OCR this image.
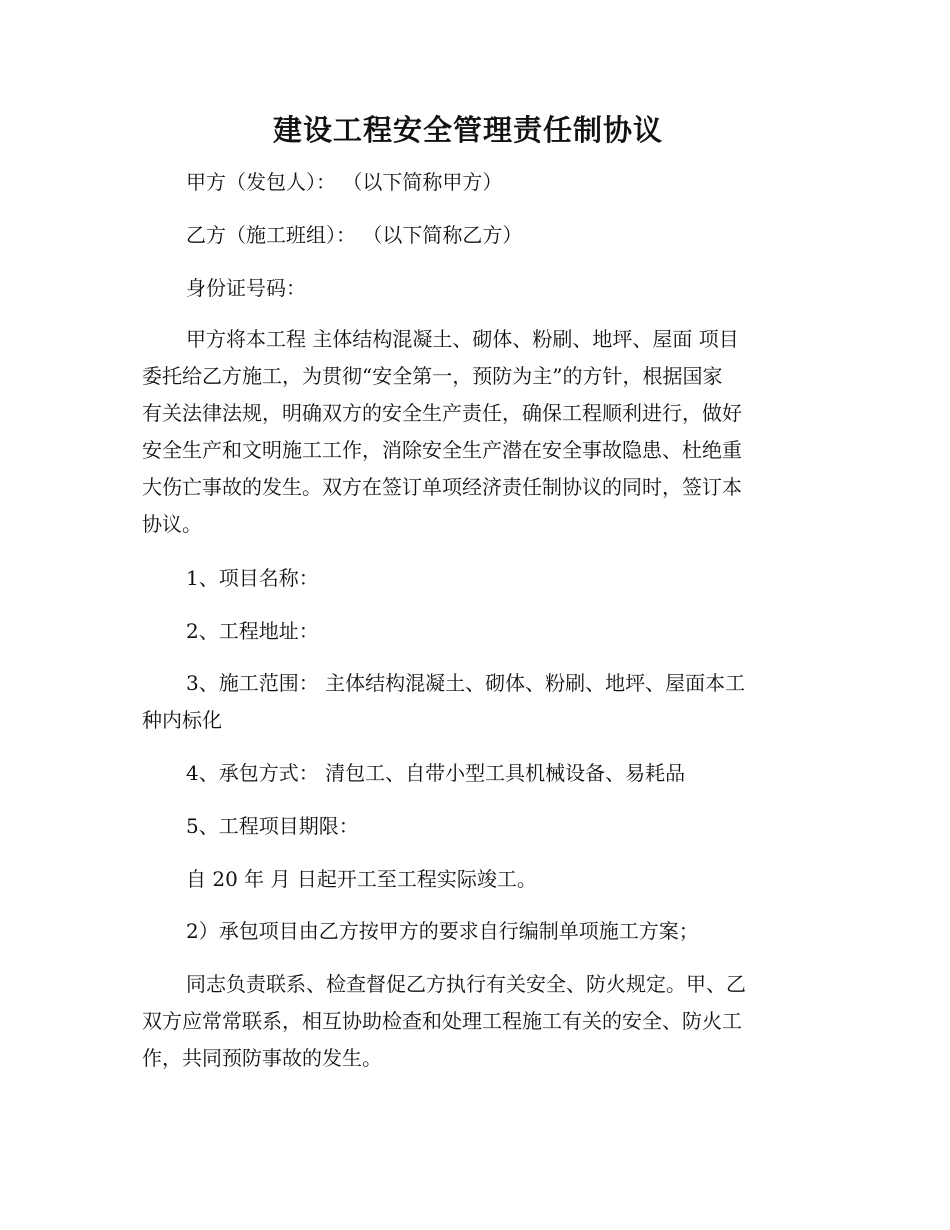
建设工程安全管理责任制协议
甲方（发包人）： （以下简称甲方）
乙方（施工班组）： （以下简称乙方）
身份证号码：
甲方将本工程 主体结构混凝土、砌体、粉刷、地坪、屋面 项目
委托给乙方施工，为贯彻“安全第一，预防为主”的方针，根据国家
有关法律法规，明确双方的安全生产责任，确保工程顺利进行，做好
安全生产和文明施工工作，消除安全生产潜在安全事故隐患、杜绝重
大伤亡事故的发生。双方在签订单项经济责任制协议的同时，签订本
协议。
1、项目名称：
2、工程地址：
3、施工范围： 主体结构混凝土、砌体、粉刷、地坪、屋面本工
种内标化
4、承包方式： 清包工、自带小型工具机械设备、易耗品
5、工程项目期限：
自 20 年 月 日起开工至工程实际竣工。
2）承包项目由乙方按甲方的要求自行编制单项施工方案；
同志负责联系、检查督促乙方执行有关安全、防火规定。甲、乙
双方应常常联系，相互协助检查和处理工程施工有关的安全、防火工
作，共同预防事故的发生。
